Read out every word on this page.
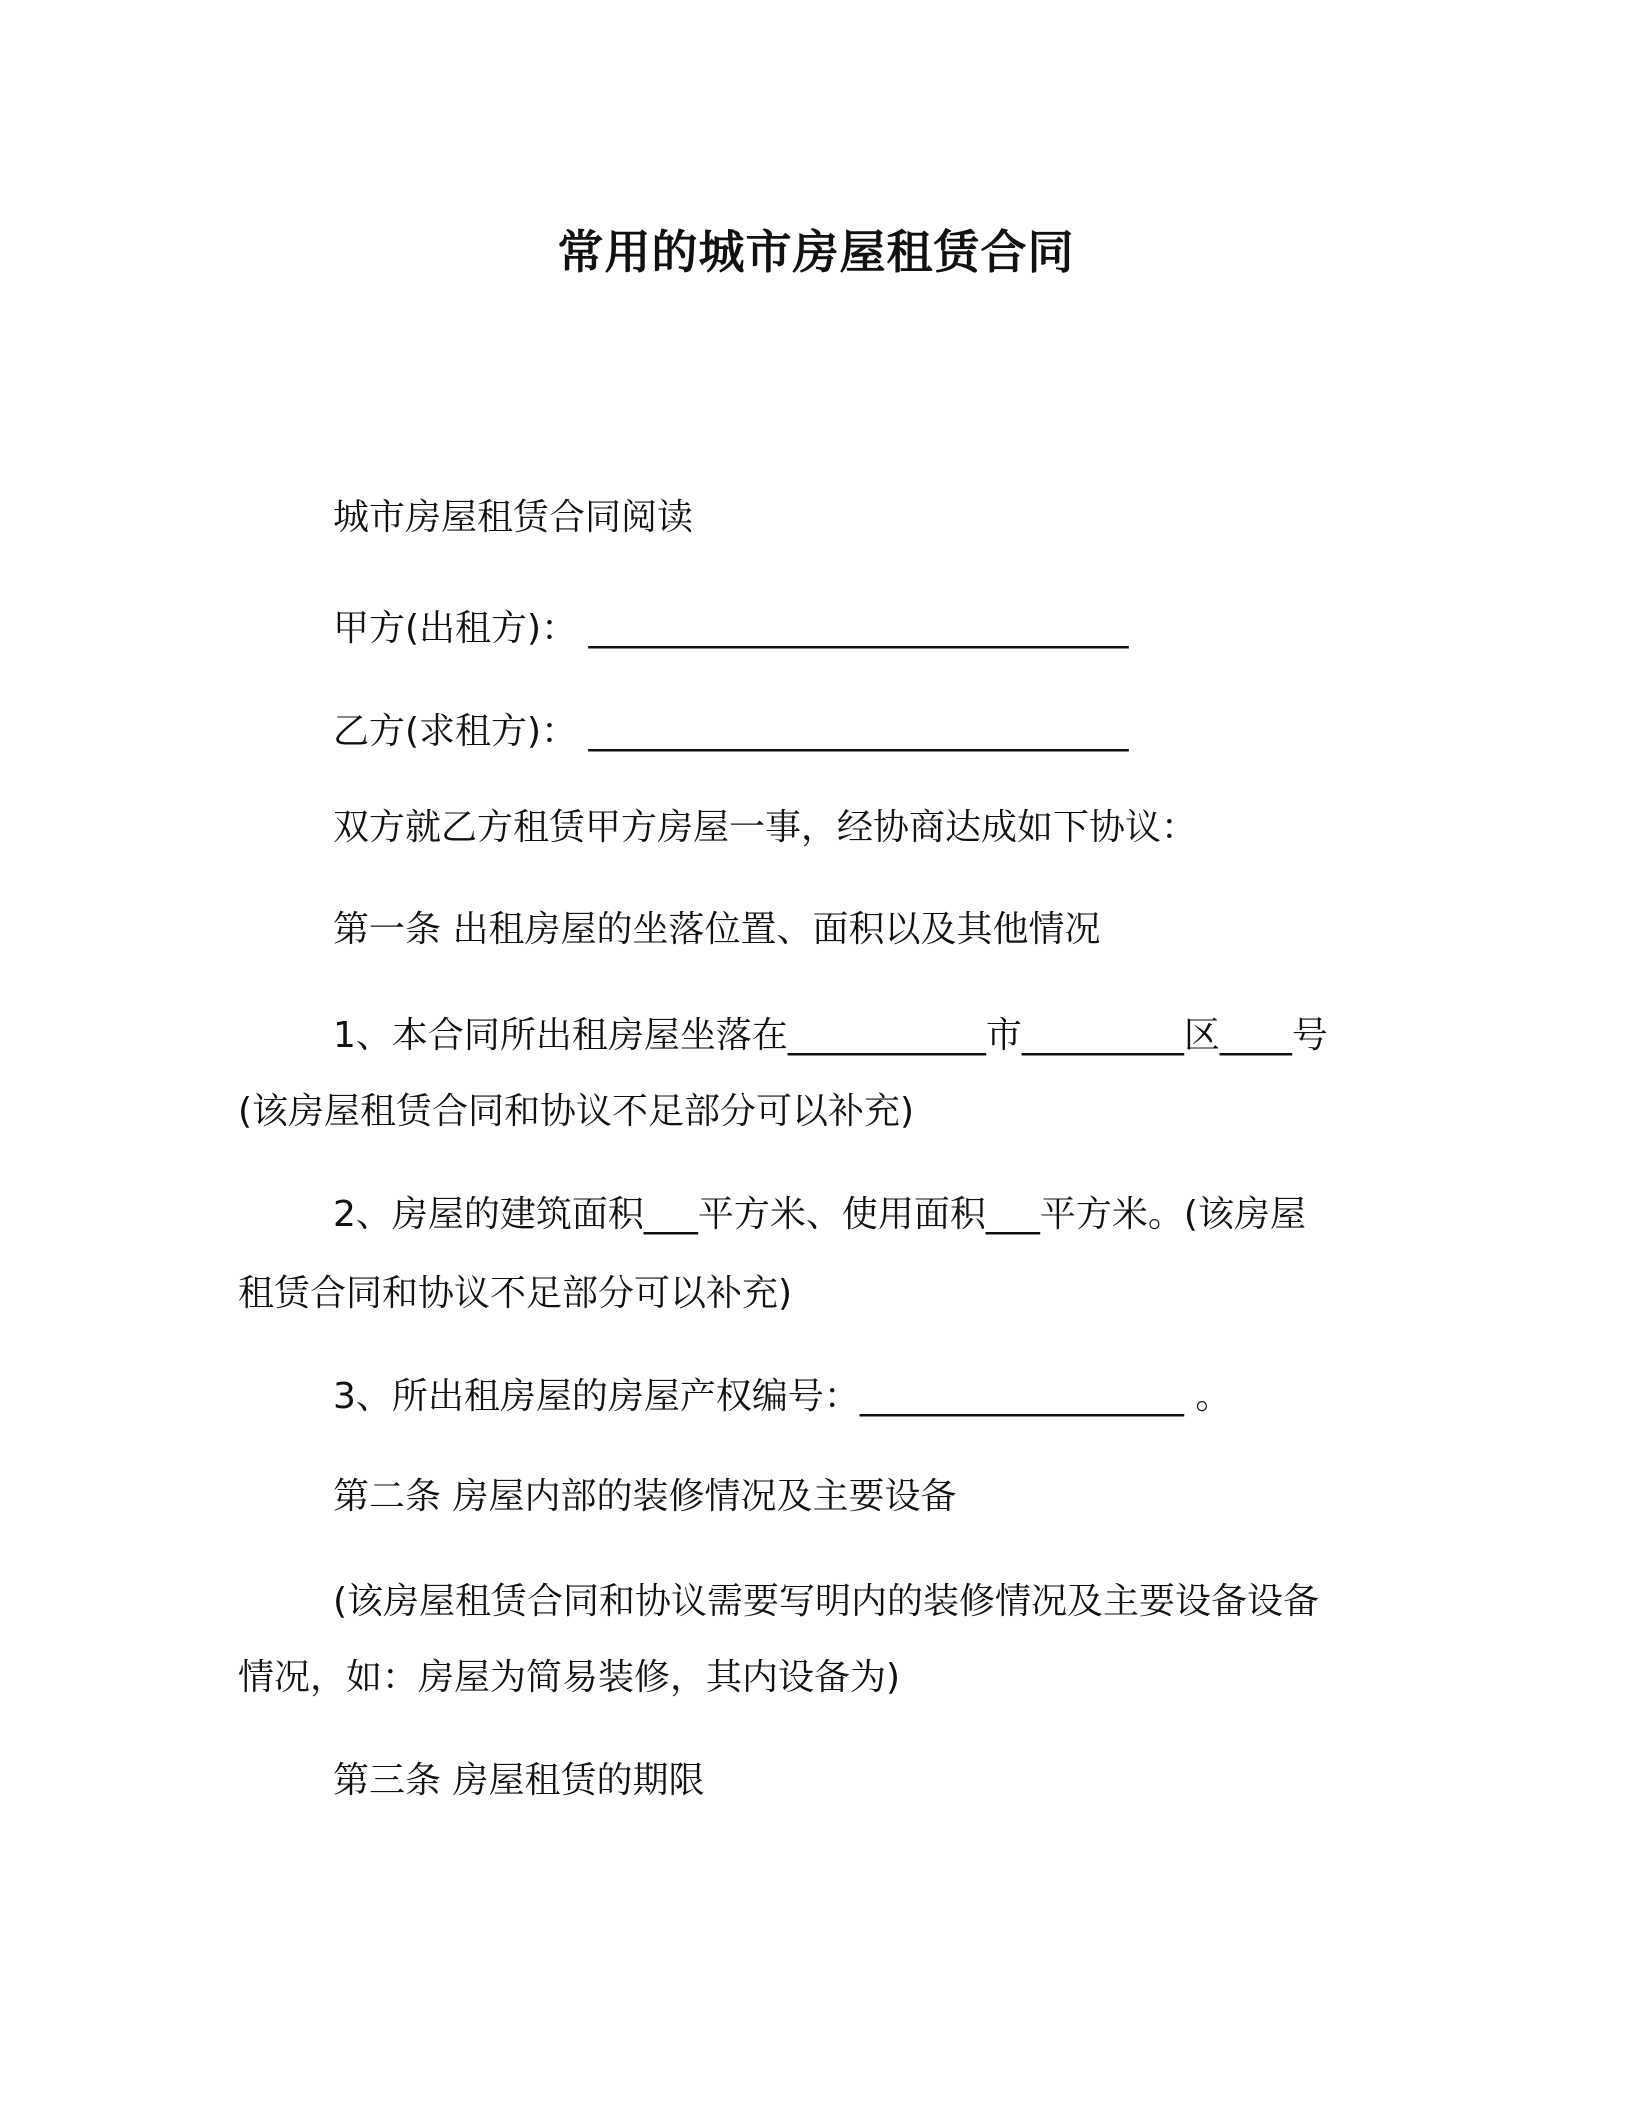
常用的城市房屋租赁合同
城市房屋租赁合同阅读
甲方(出租方)： ______________________________
乙方(求租方)： ______________________________
双方就乙方租赁甲方房屋一事，经协商达成如下协议：
第一条 出租房屋的坐落位置、面积以及其他情况
1、本合同所出租房屋坐落在___________市_________区____号
(该房屋租赁合同和协议不足部分可以补充)
2、房屋的建筑面积___平方米、使用面积___平方米。(该房屋
租赁合同和协议不足部分可以补充)
3、所出租房屋的房屋产权编号：__________________ 。
第二条 房屋内部的装修情况及主要设备
(该房屋租赁合同和协议需要写明内的装修情况及主要设备设备
情况，如：房屋为简易装修，其内设备为)
第三条 房屋租赁的期限
